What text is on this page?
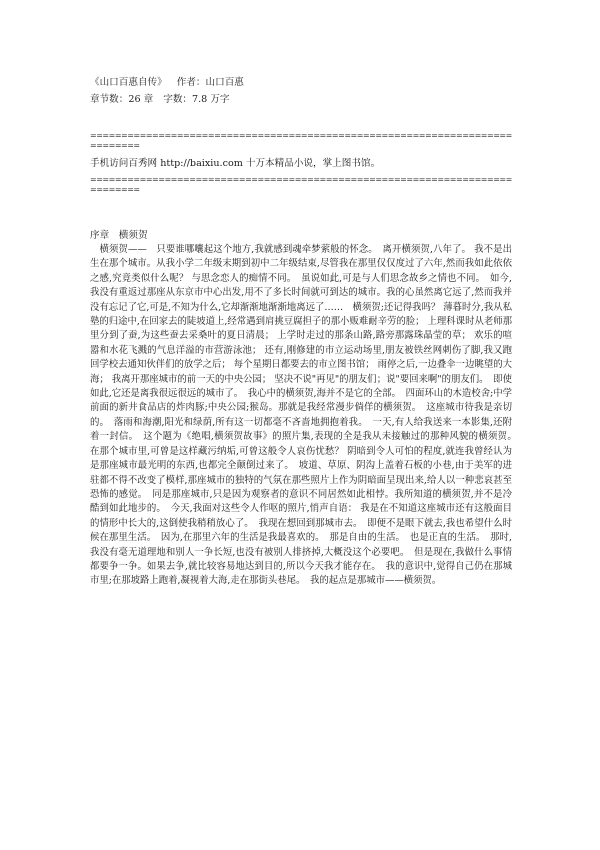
《山口百惠自传》 作者：山口百惠
章节数：26 章 字数：7.8 万字
============================================================================
手机访问百秀网 http://baixiu.com 十万本精品小说，掌上图书馆。
============================================================================
序章　横须贺
　横须贺——　只要谁哪囔起这个地方,我就感到魂牵梦萦般的怀念。　离开横须贺,八年了。 我不是出生在那个城市。从我小学二年级末期到初中二年级结束,尽管我在那里仅仅度过了六年,然而我如此依依之感,究竟类似什么呢？ 与思念恋人的痴情不同。　虽说如此,可是与人们思念故乡之情也不同。　如今,我没有重返过那座从东京市中心出发,用不了多长时间就可到达的城市。我的心虽然离它远了,然而我并没有忘记了它,可是,不知为什么,它却渐渐地渐渐地离远了……　横须贺;还记得我吗？ 薄暮时分,我从私塾的归途中,在回家去的陡坡道上,经常遇到肩挑豆腐担子的那小贩难耐辛劳的脸； 上理科课时从老师那里分到了蚕,为这些蚕去采桑叶的夏日清晨； 上学时走过的那条山路,路旁那露珠晶莹的草； 欢乐的喧嚣和水花飞溅的气息洋溢的市营游泳池； 还有,刚修建的市立运动场里,朋友被铁丝网刺伤了脚,我又跑回学校去通知伙伴们的放学之后； 每个星期日都要去的市立图书馆； 雨停之后,一边叠伞一边眺望的大海； 我离开那座城市的前一天的中央公园； 坚决不说"再见"的朋友们；说"要回来啊"的朋友们。　即使如此,它还是离我很远很远的城市了。　我心中的横须贺,海并不是它的全部。　四面环山的木造校舍;中学前面的新井食品店的炸肉豚;中央公园;猴岛。那就是我经常漫步倘佯的横须贺。　这座城市待我是亲切的。　落雨和海潮,阳光和绿荫,所有这一切都毫不吝啬地拥抱着我。　一天,有人给我送来一本影集,还附着一封信。　这个题为《绝唱,横须贺故事》的照片集,表现的全是我从未接触过的那种风貌的横须贺。　在那个城市里,可曾是这样藏污纳垢,可曾这般令人哀伤忧愁？ 阴暗到令人可怕的程度,就连我曾经认为是那座城市最光明的东西,也都完全颠倒过来了。　坡道、草原、阴沟上盖着石板的小巷,由于美军的进驻都不得不改变了模样,那座城市的独特的气氛在那些照片上作为阴暗面呈现出来,给人以一种悲哀甚至恐怖的感觉。　同是那座城市,只是因为观察者的意识不同居然如此相悖。我所知道的横须贺,并不是冷酷到如此地步的。　今天,我面对这些令人作呕的照片,悄声自语： 我是在不知道这座城市还有这般面目的情形中长大的,这倒使我稍稍放心了。　我现在想回到那城市去。　即便不是眼下就去,我也希望什么时候在那里生活。　因为,在那里六年的生活是我最喜欢的。　那是自由的生活。　也是正直的生活。　那时,我没有毫无道理地和别人一争长短,也没有被别人排挤掉,大概没这个必要吧。　但是现在,我做什么事情都要争一争。如果去争,就比较容易地达到目的,所以今天我才能存在。　我的意识中,觉得自己仍在那城市里;在那坡路上跑着,凝视着大海,走在那街头巷尾。　我的起点是那城市——横须贺。
